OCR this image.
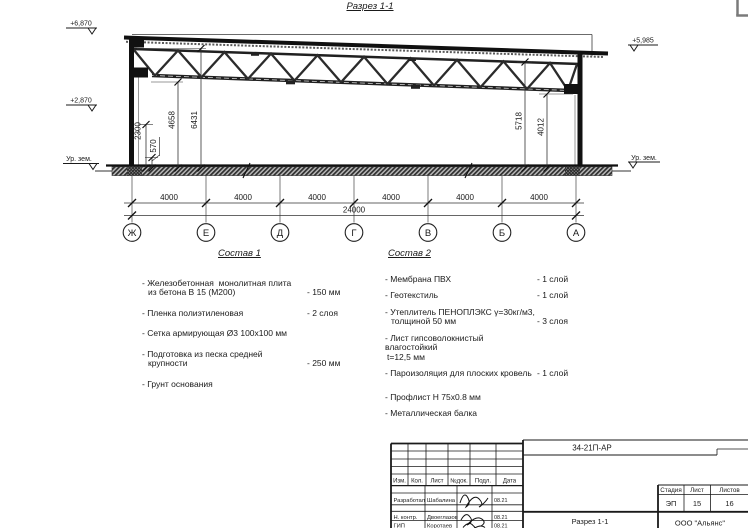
Разрез 1-1
+6,870
+2,870
Ур. зем.
+5,985
Ур. зем.
570
2300
4658 6431	5718 4012
4000	4000	4000	4000	4000	4000
24000
Ж	Е	Д	Г	В	Б	А
34-21П-АР
Изм. Кол. Лист №док. Подл. Дата
Разработал Шабалина	08.21
Н. контр. Двоеглазов	08.21
ГИП	Коротаев	08.21
Стадия Лист Листов
ЭП 15	16
Разрез 1-1	ООО "Альянс"
Состав 1
- Железобетонная  монолитная плита
из бетона В 15 (М200)	- 150 мм
- Пленка полиэтиленовая	- 2 слоя
- Сетка армирующая Ø3 100х100 мм
- Подготовка из песка средней
крупности	- 250 мм
- Грунт основания
Состав 2
- Мембрана ПВХ	- 1 слой
- Геотекстиль	- 1 слой
- Утеплитель ПЕНОПЛЭКС γ=30кг/м3,
толщиной 50 мм	- 3 слоя
- Лист гипсоволокнистый влагостойкий
t=12,5 мм
- Пароизоляция для плоских кровель - 1 слой
- Профлист Н 75х0.8 мм
- Металлическая балка
